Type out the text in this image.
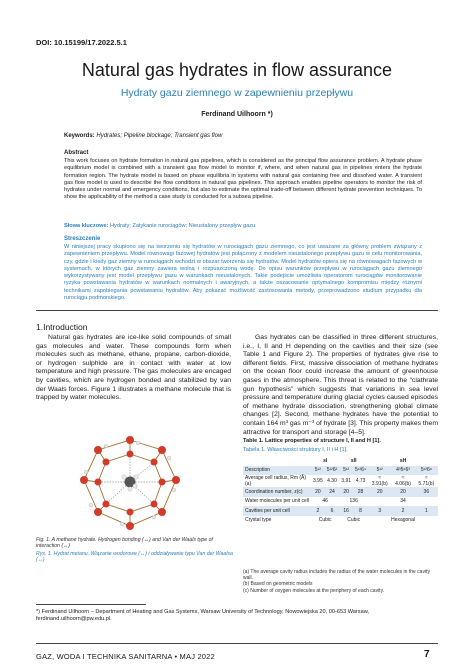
DOI: 10.15199/17.2022.5.1
Natural gas hydrates in flow assurance
Hydraty gazu ziemnego w zapewnieniu przepływu
Ferdinand Uilhoorn *)
Keywords: Hydrates; Pipeline blockage; Transient gas flow
Abstract
This work focuses on hydrate formation in natural gas pipelines, which is considered as the principal flow assurance problem. A hydrate phase equilibrium model is combined with a transient gas flow model to monitor if, where, and when natural gas in pipelines enters the hydrate formation region. The hydrate model is based on phase equilibria in systems with natural gas containing free and dissolved water. A transient gas flow model is used to describe the flow conditions in natural gas pipelines. This approach enables pipeline operators to monitor the risk of hydrates under normal and emergency conditions, but also to estimate the optimal trade-off between different hydrate prevention techniques. To show the applicability of the method a case study is conducted for a subsea pipeline.
Słowa kluczowe: Hydraty; Zatykanie rurociągów; Nieustalony przepływ gazu
Streszczenie
W niniejszej pracy skupiono się na tworzeniu się hydratów w rurociągach gazu ziemnego, co jest uważane za główny problem związany z zapewnieniem przepływu. Model równowagi fazowej hydratów jest połączony z modelem nieustalonego przepływu gazu w celu monitorowania, czy, gdzie i kiedy gaz ziemny w rurociągach wchodzi w obszar tworzenia się hydratów. Model hydratów opiera się na równowagach fazowych w systemach, w których gaz ziemny zawiera wolną i rozpuszczoną wodę. Do opisu warunków przepływu w rurociągach gazu ziemnego wykorzystywany jest model przepływu gazu w warunkach nieustalonych. Takie podejście umożliwia operatorom rurociągów monitorowanie ryzyka powstawania hydratów w warunkach normalnych i awaryjnych, a także oszacowanie optymalnego kompromisu między różnymi technikami zapobiegania powstawaniu hydratów. Aby pokazać możliwość zastosowania metody, przeprowadzono studium przypadku dla rurociągu podmorskiego.
1.Introduction
Natural gas hydrates are ice-like solid compounds of small gas molecules and water. These compounds form when molecules such as methane, ethane, propane, carbon-dioxide, or hydrogen sulphide are in contact with water at low temperature and high pressure. The gas molecules are encaged by cavities, which are hydrogen bonded and stabilized by van der Waals forces. Figure 1 illustrates a methane molecule that is trapped by water molecules.
Gas hydrates can be classified in three different structures, i.e., I, II and H depending on the cavities and their size (see Table 1 and Figure 2). The properties of hydrates give rise to different fields. First, massive dissociation of methane hydrates on the ocean floor could increase the amount of greenhouse gases in the atmosphere. This threat is related to the “clathrate gun hypothesis” which suggests that variations in sea level pressure and temperature during glacial cycles caused episodes of methane hydrate dissociation, strengthening global climate changes [2]. Second, methane hydrates have the potential to contain 164 m³ gas m⁻³ of hydrate [3]. This property makes them attractive for transport and storage [4–5].
Fig. 1. A methane hydrate. Hydrogen bonding (↔) and Van der Waals type of interaction (↔)
Rys. 1. Hydrat metanu. Wiązanie wodorowe (↔) i oddziaływanie typu Van der Waalsa (↔)
Table 1. Lattice properties of structure I, II and H [1].
Tabela 1. Własciwości struktury I, II i H [1].
	sI		sII		sH		
Description	5¹²	5¹²6²	5¹²	5¹²6⁴	5¹²	4³5⁶6³	5¹²6⁸
Average cell radius, Rm (Å) (a)	3.95	4.30	3.91	4.73	≈ 3.91(b)	≈ 4.06(b)	≈ 5.71(b)
Coordination number, z(c)	20	24	20	28	20	20	36
Water molecules per unit cell	46		136		34		
Cavities per unit cell	2	6	16	8	3	2	1
Crystal type	Cubic		Cubic		Hexagonal		
(a) The average cavity radius includes the radius of the water molecules in the cavity wall.
(b) Based on geometric models
(c) Number of oxygen molecules at the periphery of each cavity.
*) Ferdinand Uilhoorn – Department of Heating and Gas Systems, Warsaw University of Technology, Nowowiejska 20, 00-653 Warsaw, ferdinand.uilhoorn@pw.edu.pl.
GAZ, WODA I TECHNIKA SANITARNA • MAJ 2022	7
